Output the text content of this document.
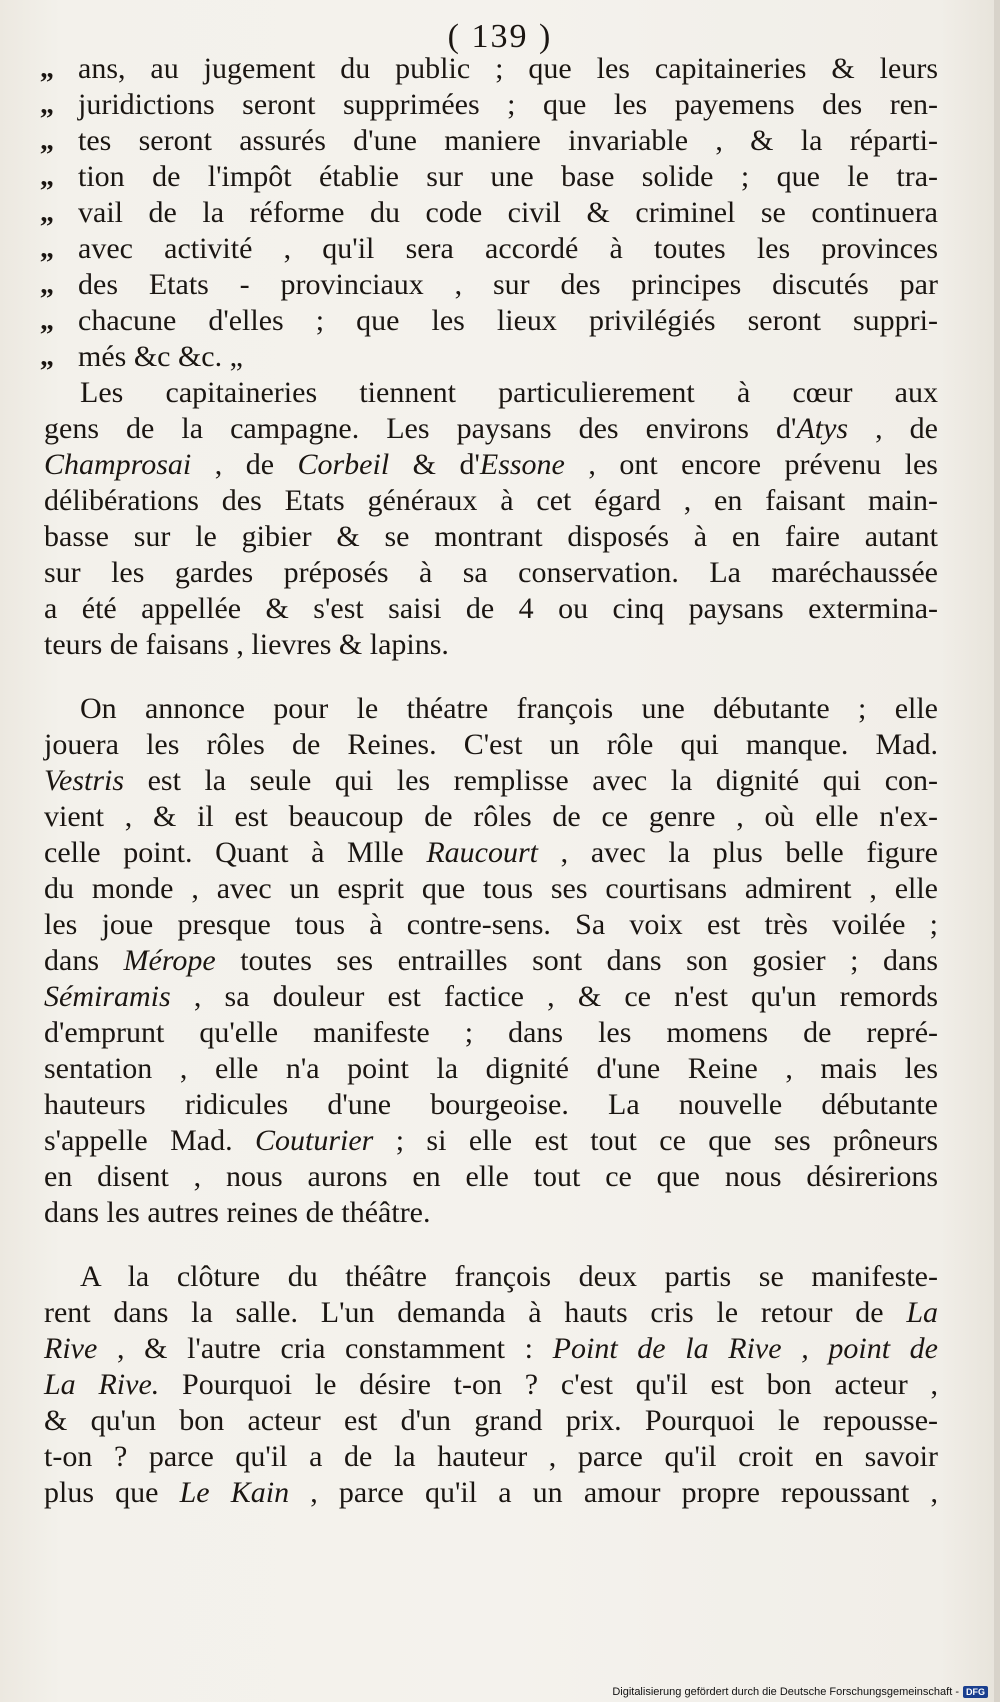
( 139 )
„ ans, au jugement du public ; que les capitaineries & leurs
„ juridictions seront supprimées ; que les payemens des ren-
„ tes seront assurés d'une maniere invariable , & la réparti-
„ tion de l'impôt établie sur une base solide ; que le tra-
„ vail de la réforme du code civil & criminel se continuera
„ avec activité , qu'il sera accordé à toutes les provinces
„ des Etats - provinciaux , sur des principes discutés par
„ chacune d'elles ; que les lieux privilégiés seront suppri-
„ més &c &c. „
Les capitaineries tiennent particulierement à cœur aux
gens de la campagne. Les paysans des environs d'Atys , de
Champrosai , de Corbeil & d'Essone , ont encore prévenu les
délibérations des Etats généraux à cet égard , en faisant main-
basse sur le gibier & se montrant disposés à en faire autant
sur les gardes préposés à sa conservation. La maréchaussée
a été appellée & s'est saisi de 4 ou cinq paysans extermina-
teurs de faisans , lievres & lapins.
On annonce pour le théatre françois une débutante ; elle
jouera les rôles de Reines. C'est un rôle qui manque. Mad.
Vestris est la seule qui les remplisse avec la dignité qui con-
vient , & il est beaucoup de rôles de ce genre , où elle n'ex-
celle point. Quant à Mlle Raucourt , avec la plus belle figure
du monde , avec un esprit que tous ses courtisans admirent , elle
les joue presque tous à contre-sens. Sa voix est très voilée ;
dans Mérope toutes ses entrailles sont dans son gosier ; dans
Sémiramis , sa douleur est factice , & ce n'est qu'un remords
d'emprunt qu'elle manifeste ; dans les momens de repré-
sentation , elle n'a point la dignité d'une Reine , mais les
hauteurs ridicules d'une bourgeoise. La nouvelle débutante
s'appelle Mad. Couturier ; si elle est tout ce que ses prôneurs
en disent , nous aurons en elle tout ce que nous désirerions
dans les autres reines de théâtre.
A la clôture du théâtre françois deux partis se manifeste-
rent dans la salle. L'un demanda à hauts cris le retour de La
Rive , & l'autre cria constamment : Point de la Rive , point de
La Rive. Pourquoi le désire t-on ? c'est qu'il est bon acteur ,
& qu'un bon acteur est d'un grand prix. Pourquoi le repousse-
t-on ? parce qu'il a de la hauteur , parce qu'il croit en savoir
plus que Le Kain , parce qu'il a un amour propre repoussant ,
Digitalisierung gefördert durch die Deutsche Forschungsgemeinschaft - DFG
